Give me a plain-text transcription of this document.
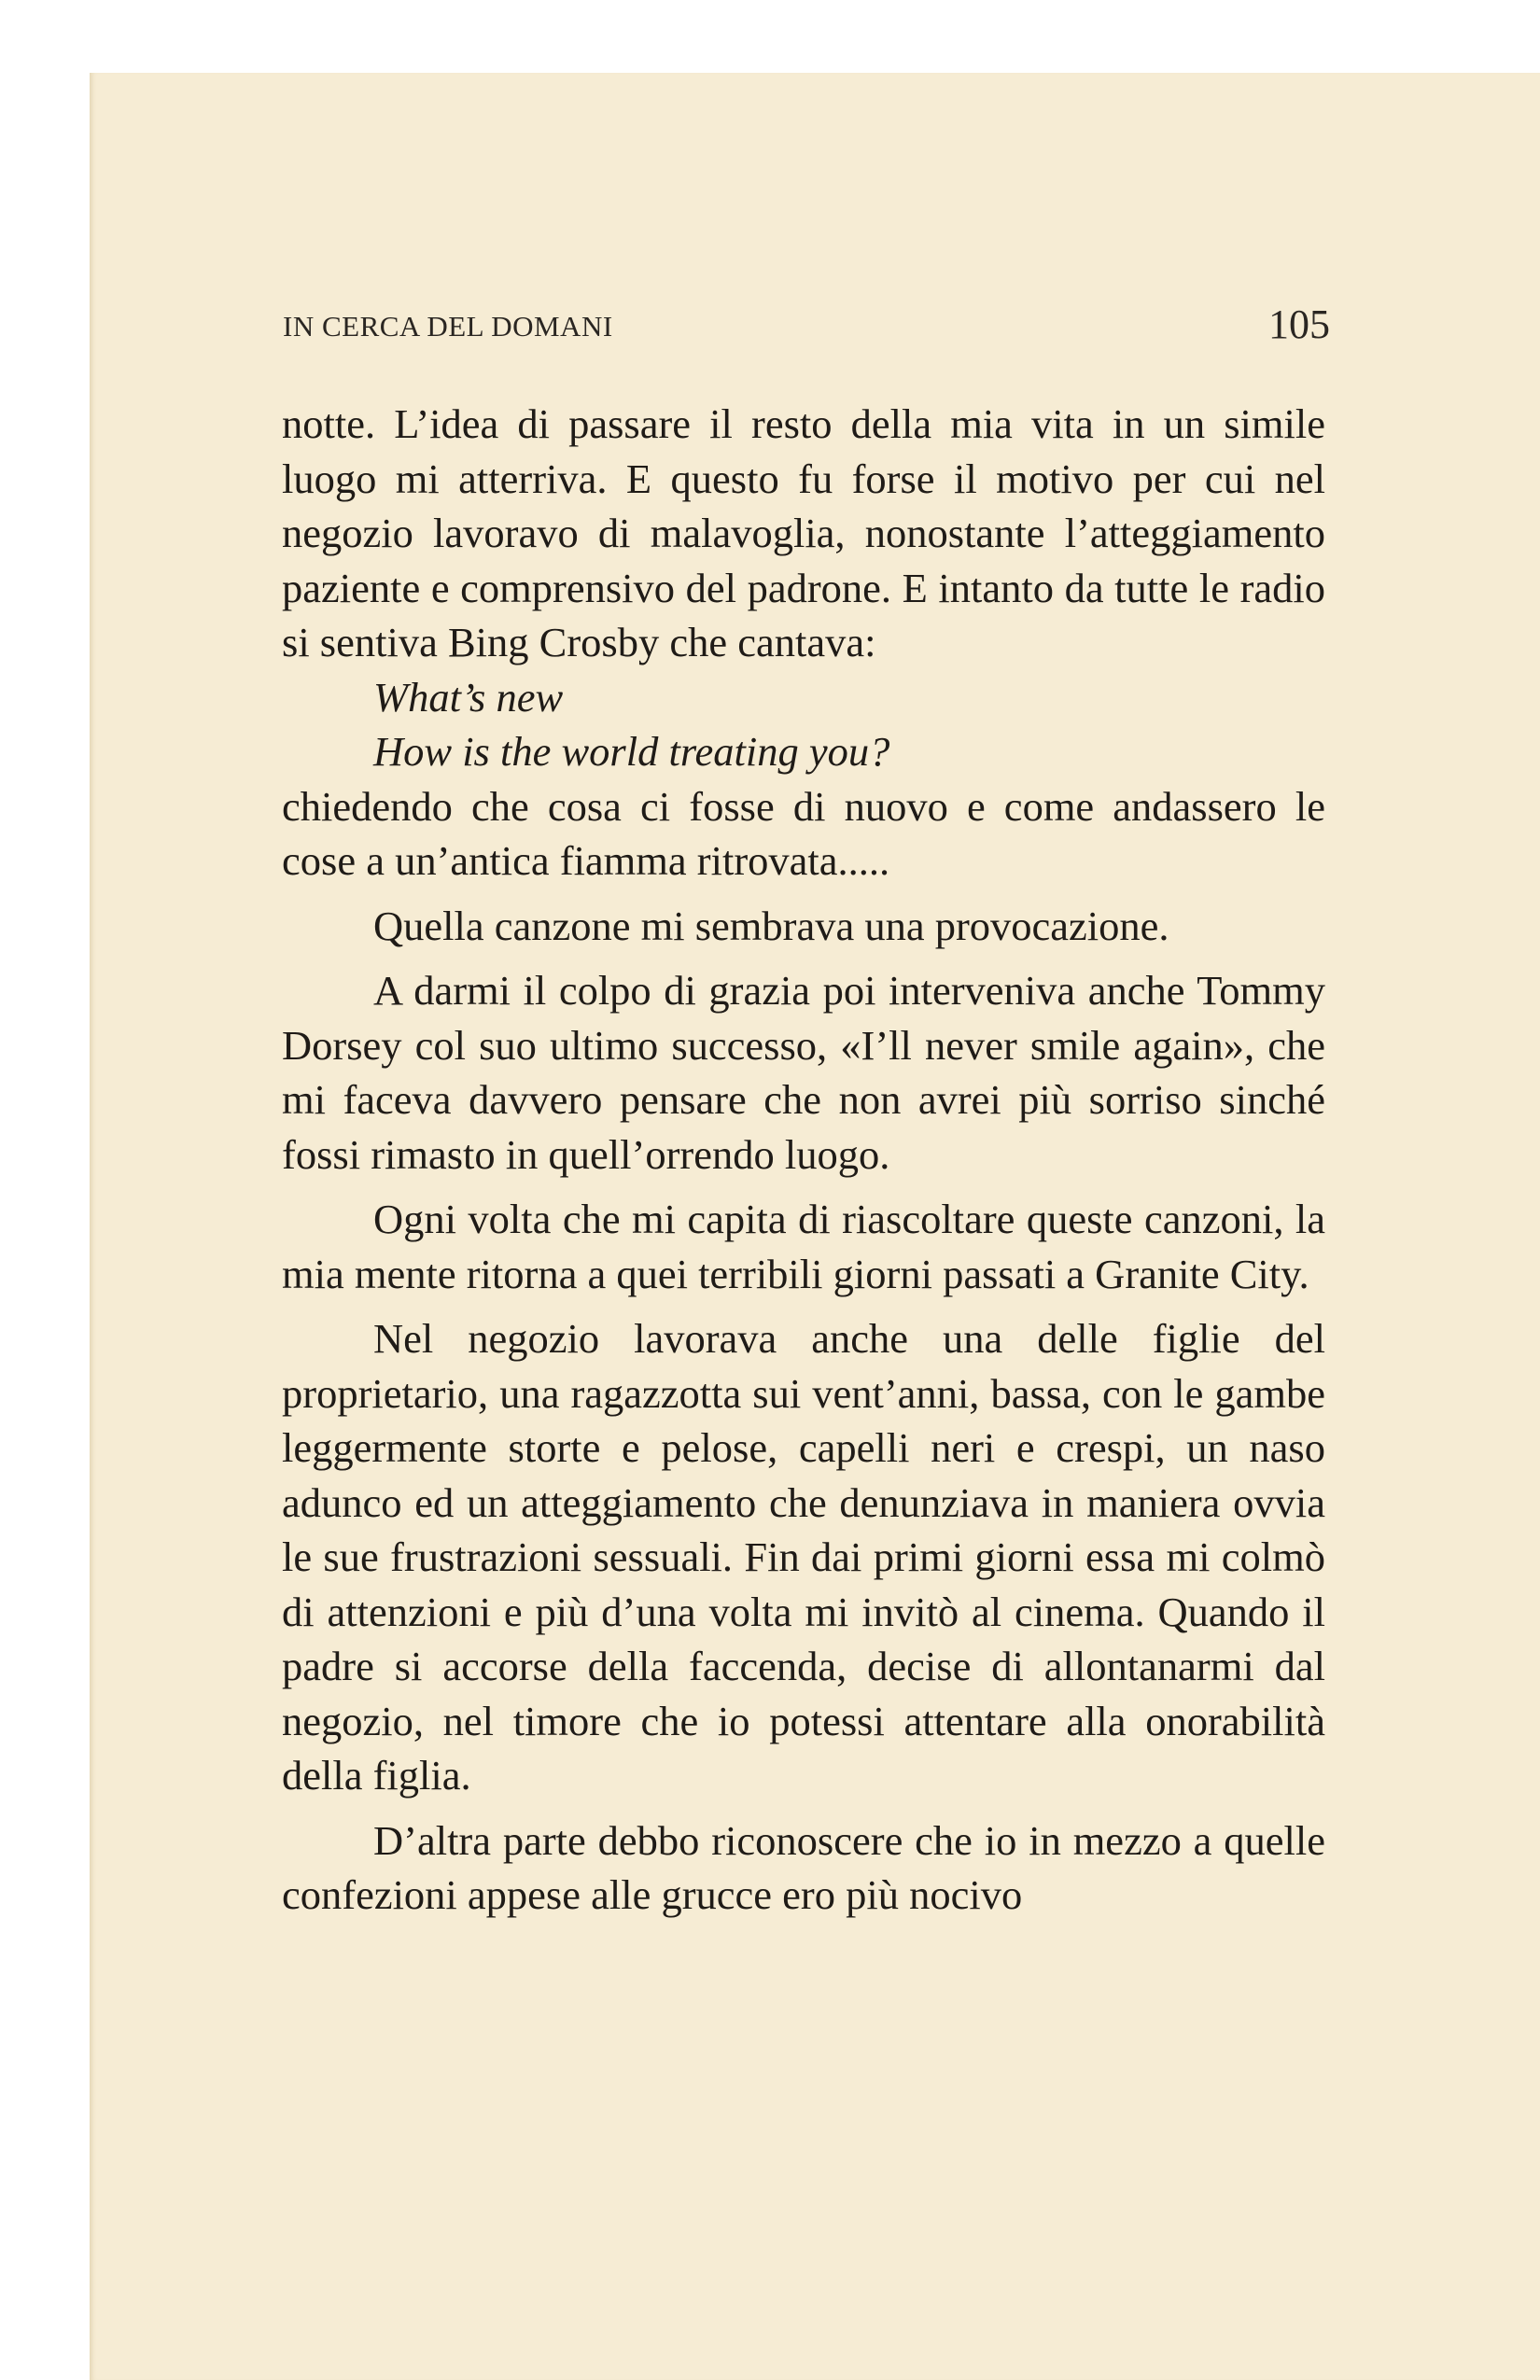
IN CERCA DEL DOMANI	105

notte. L’idea di passare il resto della mia vita in un simile luogo mi atterriva. E questo fu forse il motivo per cui nel negozio lavoravo di malavoglia, nonostante l’atteggiamento paziente e comprensivo del padrone. E intanto da tutte le radio si sentiva Bing Crosby che cantava:

What’s new

How is the world treating you?

chiedendo che cosa ci fosse di nuovo e come andassero le cose a un’antica fiamma ritrovata.....

Quella canzone mi sembrava una provocazione.

A darmi il colpo di grazia poi interveniva anche Tommy Dorsey col suo ultimo successo, «I’ll never smile again», che mi faceva davvero pensare che non avrei più sorriso sinché fossi rimasto in quell’orrendo luogo.

Ogni volta che mi capita di riascoltare queste canzoni, la mia mente ritorna a quei terribili giorni passati a Granite City.

Nel negozio lavorava anche una delle figlie del proprietario, una ragazzotta sui vent’anni, bassa, con le gambe leggermente storte e pelose, capelli neri e crespi, un naso adunco ed un atteggiamento che denunziava in maniera ovvia le sue frustrazioni sessuali. Fin dai primi giorni essa mi colmò di attenzioni e più d’una volta mi invitò al cinema. Quando il padre si accorse della faccenda, decise di allontanarmi dal negozio, nel timore che io potessi attentare alla onorabilità della figlia.

D’altra parte debbo riconoscere che io in mezzo a quelle confezioni appese alle grucce ero più nocivo
